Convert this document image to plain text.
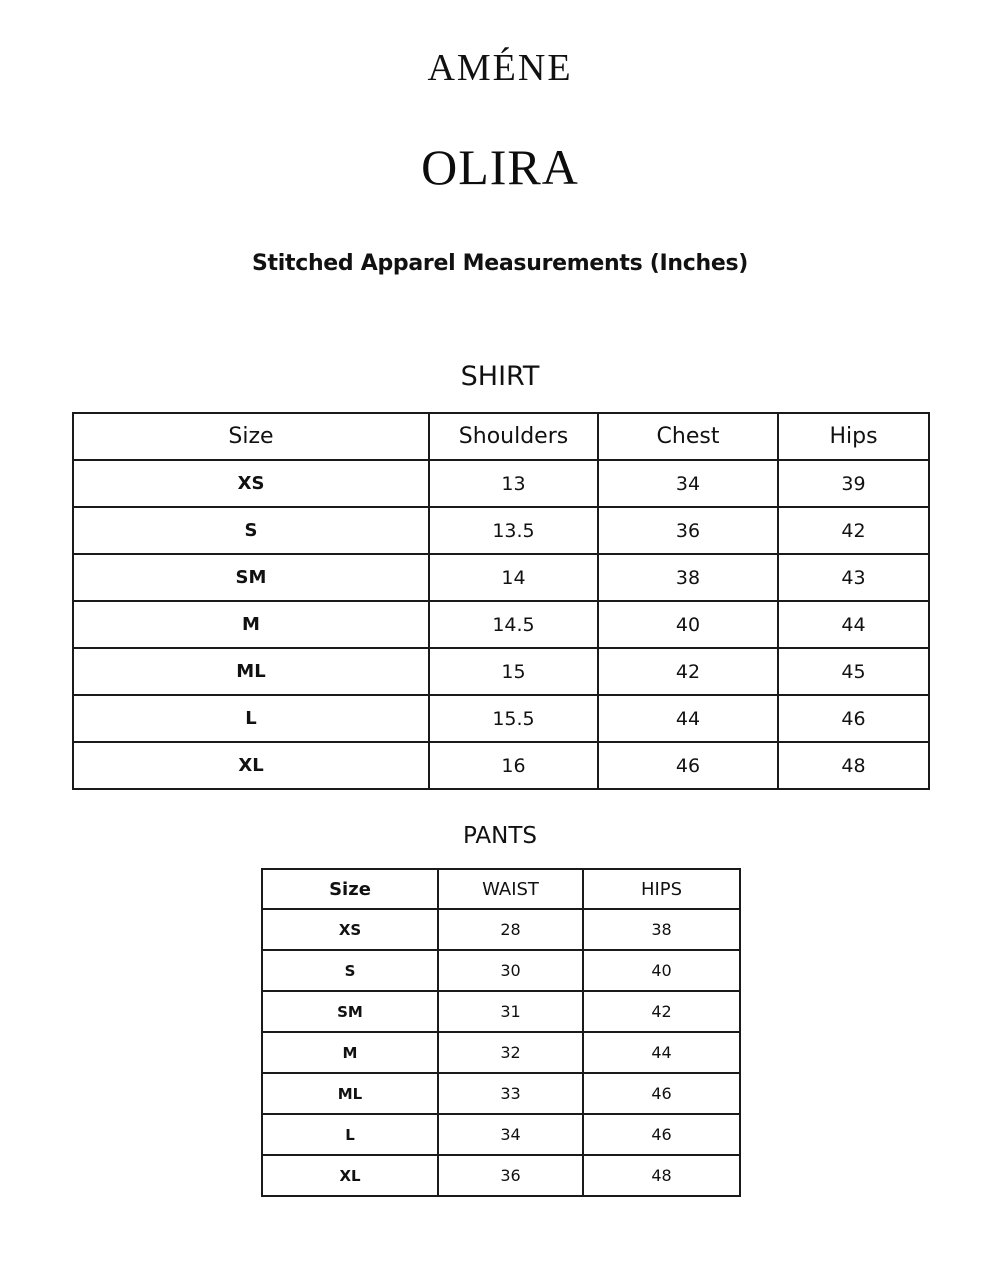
AMÉNE
OLIRA
Stitched Apparel Measurements (Inches)
SHIRT
Size	Shoulders	Chest	Hips
XS	13	34	39
S	13.5	36	42
SM	14	38	43
M	14.5	40	44
ML	15	42	45
L	15.5	44	46
XL	16	46	48
PANTS
Size	WAIST	HIPS
XS	28	38
S	30	40
SM	31	42
M	32	44
ML	33	46
L	34	46
XL	36	48
